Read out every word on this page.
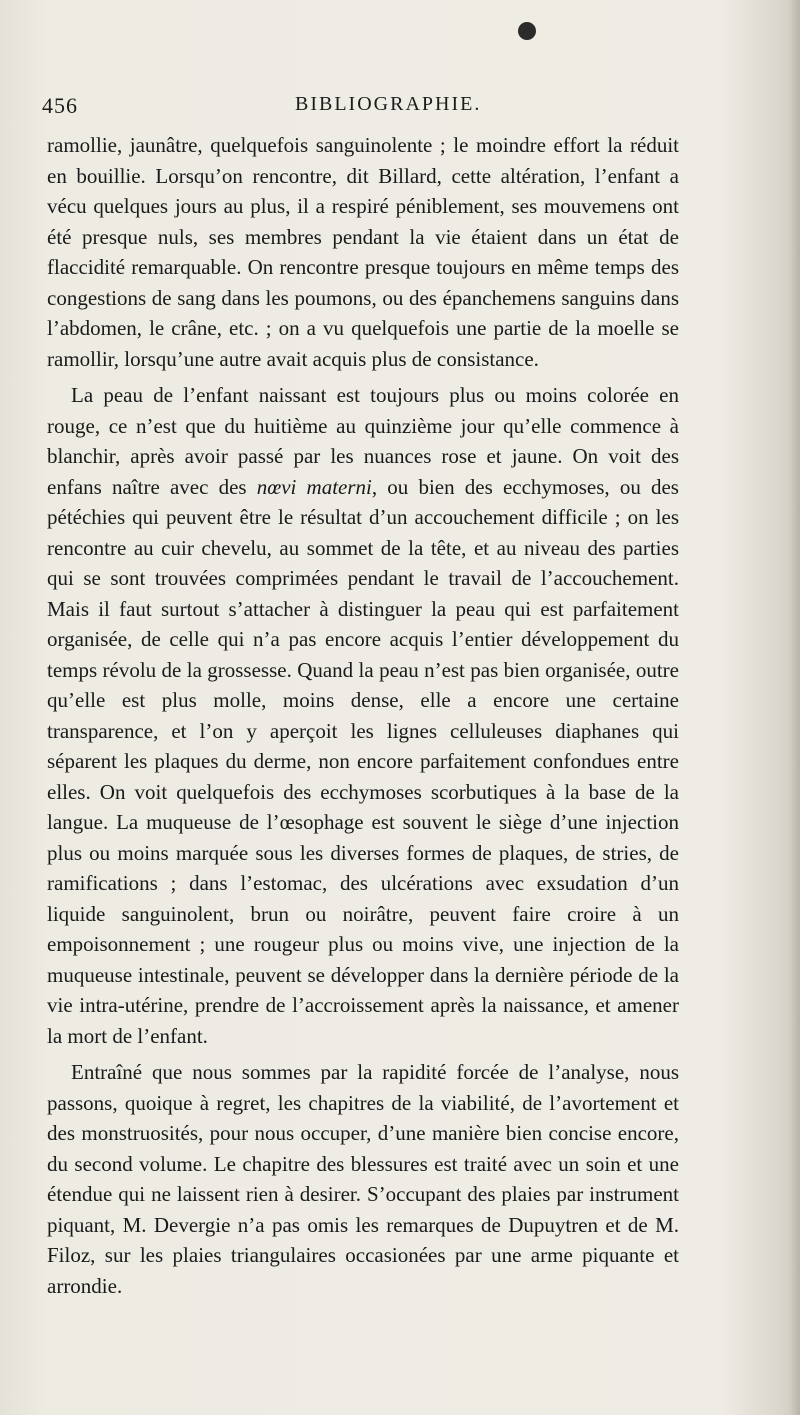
456	BIBLIOGRAPHIE.

ramollie, jaunâtre, quelquefois sanguinolente ; le moindre effort la réduit en bouillie. Lorsqu’on rencontre, dit Billard, cette altération, l’enfant a vécu quelques jours au plus, il a respiré péniblement, ses mouvemens ont été presque nuls, ses membres pendant la vie étaient dans un état de flaccidité remarquable. On rencontre presque toujours en même temps des congestions de sang dans les poumons, ou des épanchemens sanguins dans l’abdomen, le crâne, etc. ; on a vu quelquefois une partie de la moelle se ramollir, lorsqu’une autre avait acquis plus de consistance.

La peau de l’enfant naissant est toujours plus ou moins colorée en rouge, ce n’est que du huitième au quinzième jour qu’elle commence à blanchir, après avoir passé par les nuances rose et jaune. On voit des enfans naître avec des nœvi materni, ou bien des ecchymoses, ou des pétéchies qui peuvent être le résultat d’un accouchement difficile ; on les rencontre au cuir chevelu, au sommet de la tête, et au niveau des parties qui se sont trouvées comprimées pendant le travail de l’accouchement. Mais il faut surtout s’attacher à distinguer la peau qui est parfaitement organisée, de celle qui n’a pas encore acquis l’entier développement du temps révolu de la grossesse. Quand la peau n’est pas bien organisée, outre qu’elle est plus molle, moins dense, elle a encore une certaine transparence, et l’on y aperçoit les lignes celluleuses diaphanes qui séparent les plaques du derme, non encore parfaitement confondues entre elles. On voit quelquefois des ecchymoses scorbutiques à la base de la langue. La muqueuse de l’œsophage est souvent le siège d’une injection plus ou moins marquée sous les diverses formes de plaques, de stries, de ramifications ; dans l’estomac, des ulcérations avec exsudation d’un liquide sanguinolent, brun ou noirâtre, peuvent faire croire à un empoisonnement ; une rougeur plus ou moins vive, une injection de la muqueuse intestinale, peuvent se développer dans la dernière période de la vie intra-utérine, prendre de l’accroissement après la naissance, et amener la mort de l’enfant.

Entraîné que nous sommes par la rapidité forcée de l’analyse, nous passons, quoique à regret, les chapitres de la viabilité, de l’avortement et des monstruosités, pour nous occuper, d’une manière bien concise encore, du second volume. Le chapitre des blessures est traité avec un soin et une étendue qui ne laissent rien à desirer. S’occupant des plaies par instrument piquant, M. Devergie n’a pas omis les remarques de Dupuytren et de M. Filoz, sur les plaies triangulaires occasionées par une arme piquante et arrondie.
